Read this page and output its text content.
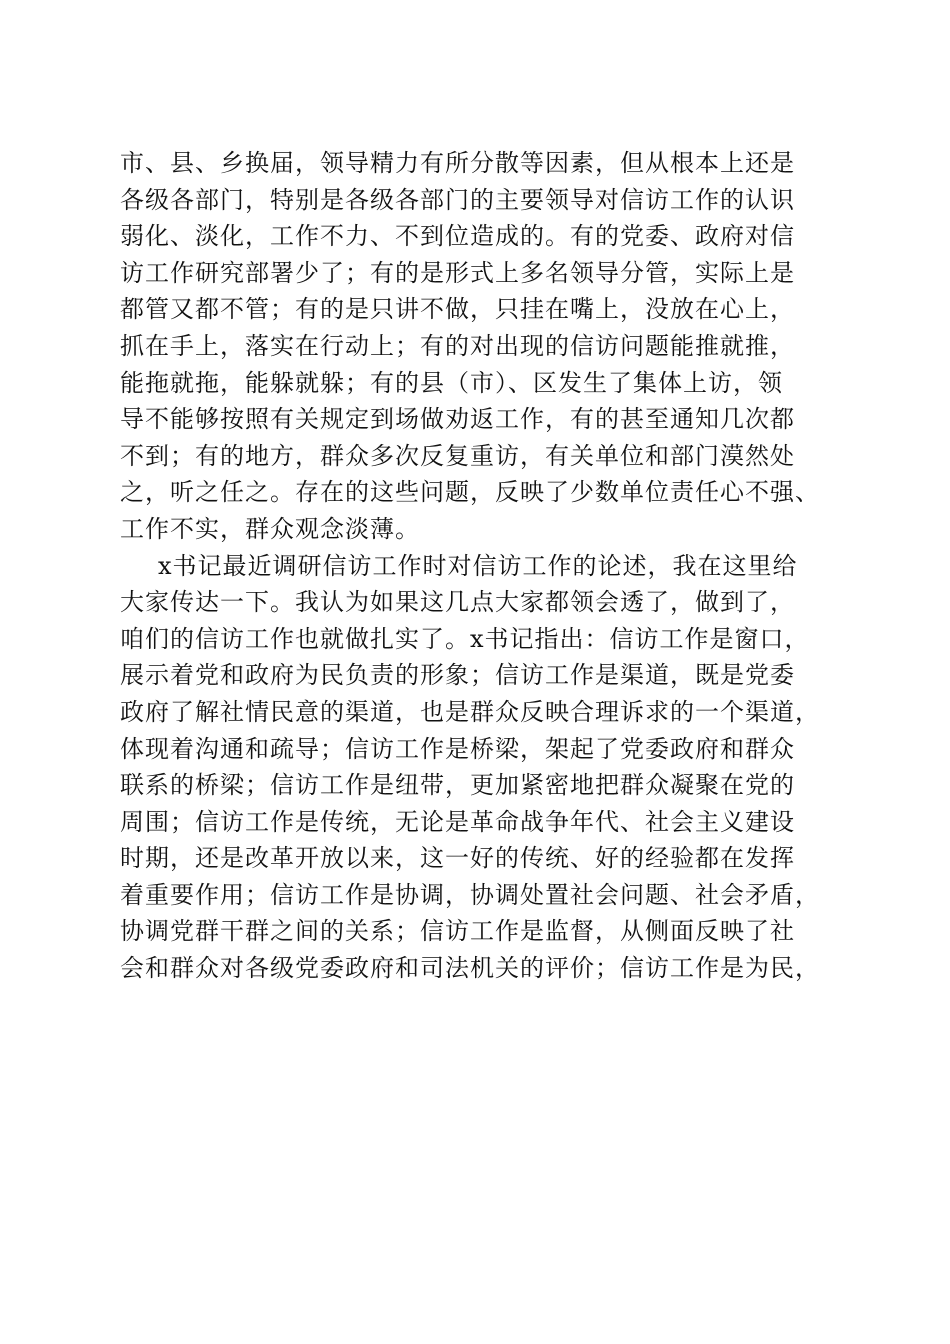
市、县、乡换届，领导精力有所分散等因素，但从根本上还是
各级各部门，特别是各级各部门的主要领导对信访工作的认识
弱化、淡化，工作不力、不到位造成的。有的党委、政府对信
访工作研究部署少了；有的是形式上多名领导分管，实际上是
都管又都不管；有的是只讲不做，只挂在嘴上，没放在心上，
抓在手上，落实在行动上；有的对出现的信访问题能推就推，
能拖就拖，能躲就躲；有的县（市）、区发生了集体上访，领
导不能够按照有关规定到场做劝返工作，有的甚至通知几次都
不到；有的地方，群众多次反复重访，有关单位和部门漠然处
之，听之任之。存在的这些问题，反映了少数单位责任心不强、
工作不实，群众观念淡薄。
x书记最近调研信访工作时对信访工作的论述，我在这里给
大家传达一下。我认为如果这几点大家都领会透了，做到了，
咱们的信访工作也就做扎实了。x书记指出：信访工作是窗口，
展示着党和政府为民负责的形象；信访工作是渠道，既是党委
政府了解社情民意的渠道，也是群众反映合理诉求的一个渠道，
体现着沟通和疏导；信访工作是桥梁，架起了党委政府和群众
联系的桥梁；信访工作是纽带，更加紧密地把群众凝聚在党的
周围；信访工作是传统，无论是革命战争年代、社会主义建设
时期，还是改革开放以来，这一好的传统、好的经验都在发挥
着重要作用；信访工作是协调，协调处置社会问题、社会矛盾，
协调党群干群之间的关系；信访工作是监督，从侧面反映了社
会和群众对各级党委政府和司法机关的评价；信访工作是为民，
